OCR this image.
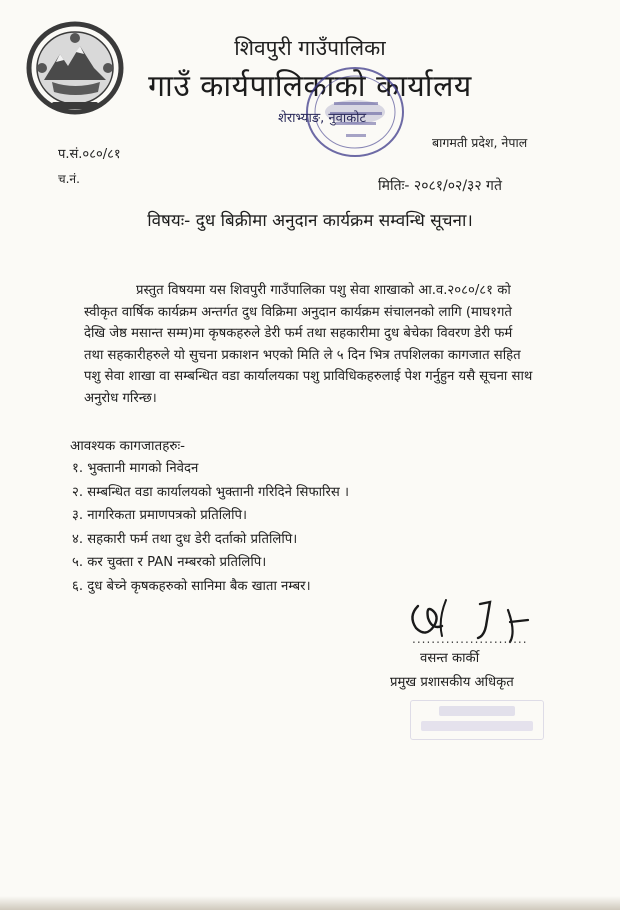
शिवपुरी गाउँपालिका
गाउँ कार्यपालिकाको कार्यालय
शेराभ्याङ, नुवाकोट
बागमती प्रदेश, नेपाल
प.सं.०८०/८१
च.नं.	मितिः- २०८१/०२/३२ गते
विषयः- दुध बिक्रीमा अनुदान कार्यक्रम सम्वन्धि सूचना।
प्रस्तुत विषयमा यस शिवपुरी गाउँपालिका पशु सेवा शाखाको आ.व.२०८०/८१ को
स्वीकृत वार्षिक कार्यक्रम अन्तर्गत दुध विक्रिमा अनुदान कार्यक्रम संचालनको लागि (माघ१गते
देखि जेष्ठ मसान्त सम्म)मा कृषकहरुले डेरी फर्म तथा सहकारीमा दुध बेचेका विवरण डेरी फर्म
तथा सहकारीहरुले यो सुचना प्रकाशन भएको मिति ले ५ दिन भित्र तपशिलका कागजात सहित
पशु सेवा शाखा वा सम्बन्धित वडा कार्यालयका पशु प्राविधिकहरुलाई पेश गर्नुहुन यसै सूचना साथ
अनुरोध गरिन्छ।
आवश्यक कागजातहरुः-
१. भुक्तानी मागको निवेदन
२. सम्बन्धित वडा कार्यालयको भुक्तानी गरिदिने सिफारिस ।
३. नागरिकता प्रमाणपत्रको प्रतिलिपि।
४. सहकारी फर्म तथा दुध डेरी दर्ताको प्रतिलिपि।
५. कर चुक्ता र PAN नम्बरको प्रतिलिपि।
६. दुध बेच्ने कृषकहरुको सानिमा बैक खाता नम्बर।
........................
वसन्त कार्की
प्रमुख प्रशासकीय अधिकृत
